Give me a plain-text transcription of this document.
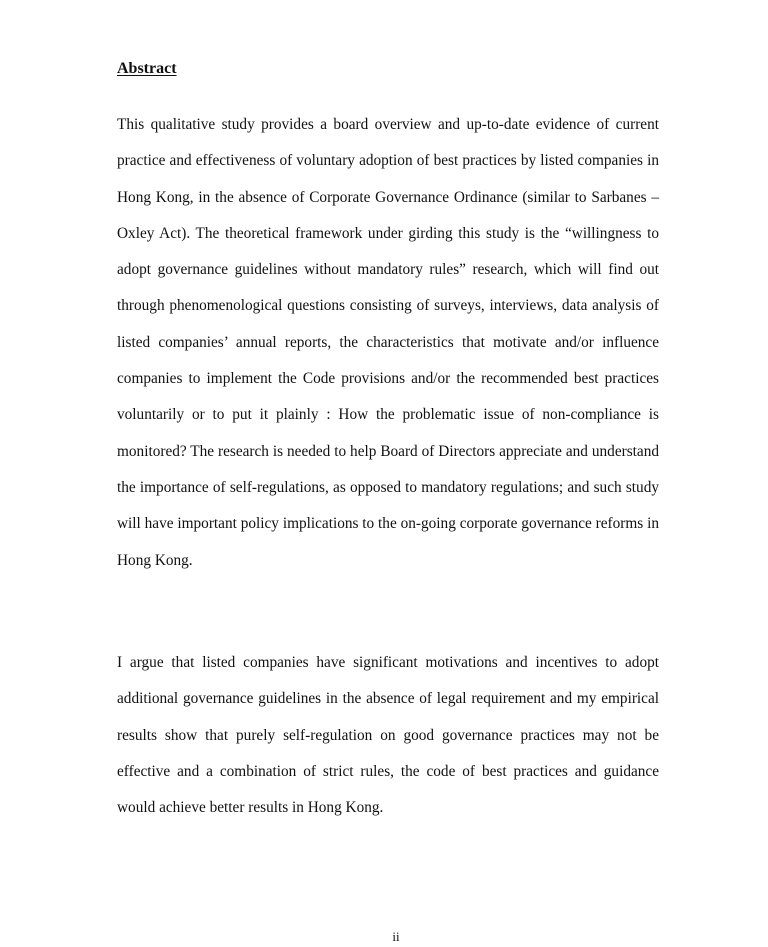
Abstract

This qualitative study provides a board overview and up-to-date evidence of current practice and effectiveness of voluntary adoption of best practices by listed companies in Hong Kong, in the absence of Corporate Governance Ordinance (similar to Sarbanes – Oxley Act). The theoretical framework under girding this study is the “willingness to adopt governance guidelines without mandatory rules” research, which will find out through phenomenological questions consisting of surveys, interviews, data analysis of listed companies’ annual reports, the characteristics that motivate and/or influence companies to implement the Code provisions and/or the recommended best practices voluntarily or to put it plainly : How the problematic issue of non-compliance is monitored? The research is needed to help Board of Directors appreciate and understand the importance of self-regulations, as opposed to mandatory regulations; and such study will have important policy implications to the on-going corporate governance reforms in Hong Kong.

I argue that listed companies have significant motivations and incentives to adopt additional governance guidelines in the absence of legal requirement and my empirical results show that purely self-regulation on good governance practices may not be effective and a combination of strict rules, the code of best practices and guidance would achieve better results in Hong Kong.

ii
